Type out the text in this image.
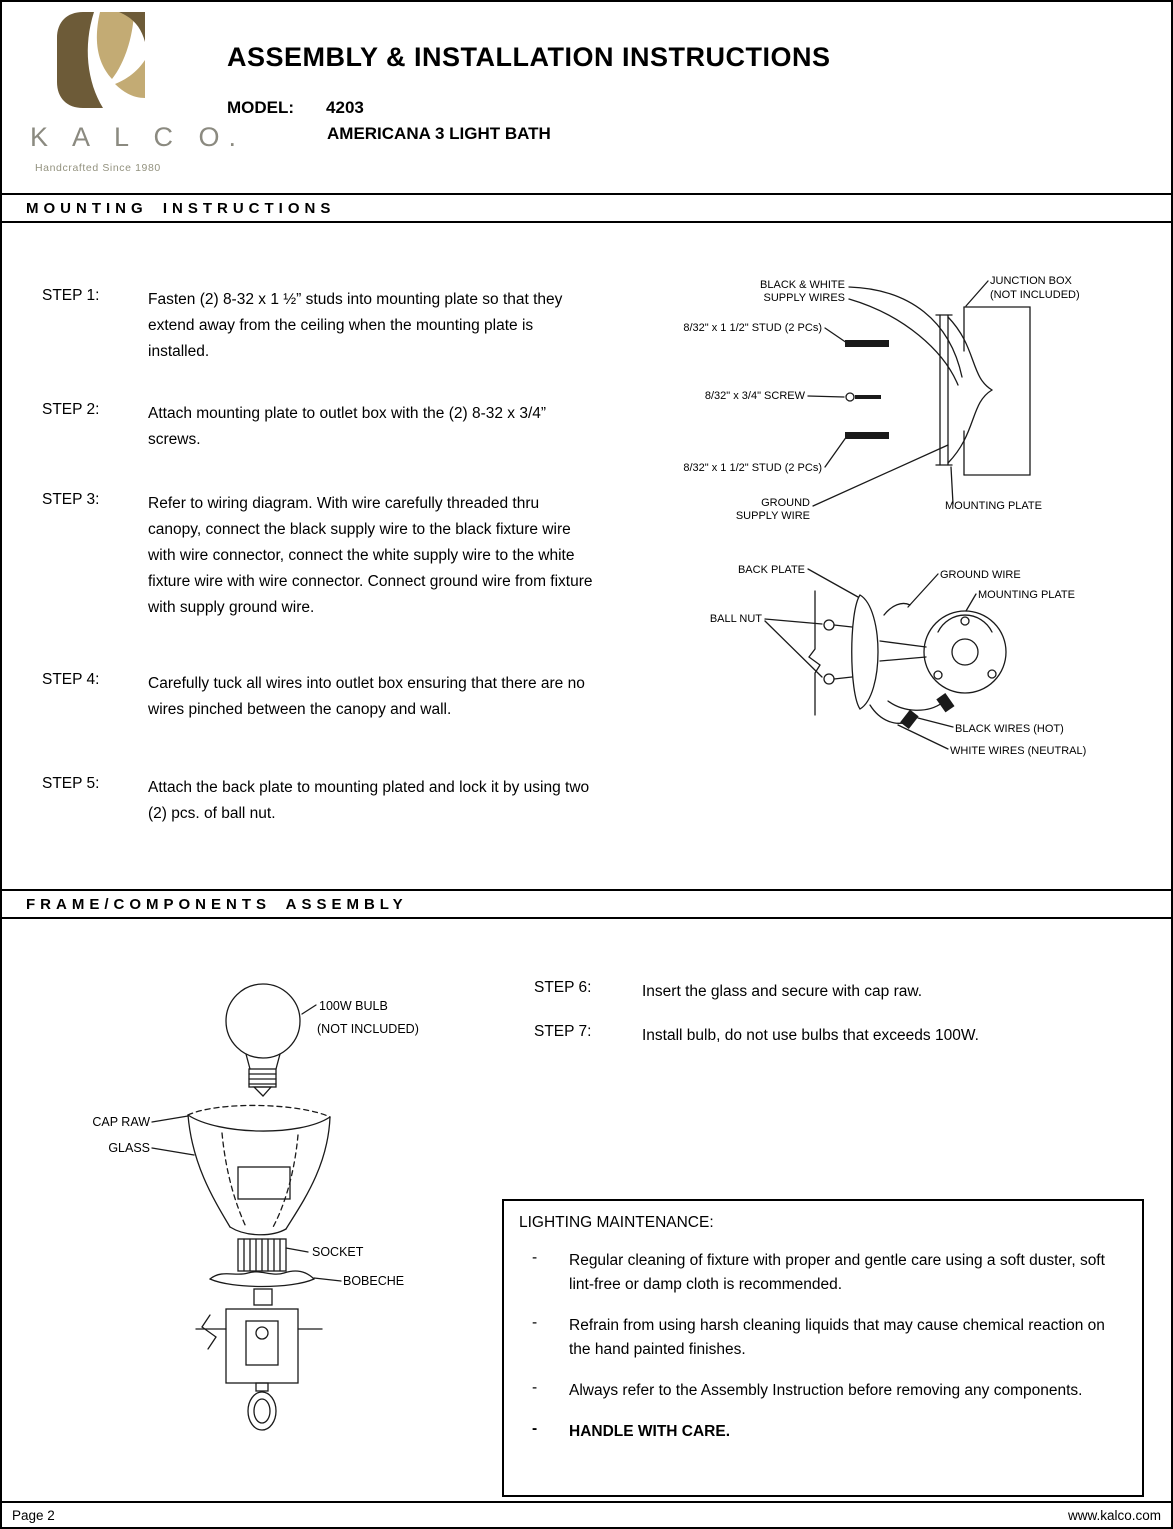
K A L C O.
Handcrafted Since 1980
ASSEMBLY & INSTALLATION INSTRUCTIONS
MODEL: 4203
AMERICANA 3 LIGHT BATH
MOUNTING INSTRUCTIONS
STEP 1:	Fasten (2) 8-32 x 1 ½” studs into mounting plate so that they extend away from the ceiling when the mounting plate is installed.
STEP 2:	Attach mounting plate to outlet box with the (2) 8-32 x 3/4” screws.
STEP 3:	Refer to wiring diagram. With wire carefully threaded thru canopy, connect the black supply wire to the black fixture wire with wire connector, connect the white supply wire to the white fixture wire with wire connector. Connect ground wire from fixture with supply ground wire.
STEP 4:	Carefully tuck all wires into outlet box ensuring that there are no wires pinched between the canopy and wall.
STEP 5:	Attach the back plate to mounting plated and lock it by using two (2) pcs. of ball nut.
BLACK & WHITE
SUPPLY WIRES
JUNCTION BOX
(NOT INCLUDED)
8/32" x 1 1/2" STUD (2 PCs)
8/32" x 3/4" SCREW
8/32" x 1 1/2" STUD (2 PCs)
GROUND
SUPPLY WIRE
MOUNTING PLATE
BACK PLATE	GROUND WIRE
MOUNTING PLATE
BALL NUT
BLACK WIRES (HOT)
WHITE WIRES (NEUTRAL)
FRAME/COMPONENTS ASSEMBLY
100W BULB
(NOT INCLUDED)
CAP RAW
GLASS
SOCKET
BOBECHE
STEP 6:	Insert the glass and secure with cap raw.
STEP 7:	Install bulb, do not use bulbs that exceeds 100W.
LIGHTING MAINTENANCE:
-	Regular cleaning of fixture with proper and gentle care using a soft duster, soft lint-free or damp cloth is recommended.
-	Refrain from using harsh cleaning liquids that may cause chemical reaction on the hand painted finishes.
-	Always refer to the Assembly Instruction before removing any components.
-	HANDLE WITH CARE.
Page 2	www.kalco.com
